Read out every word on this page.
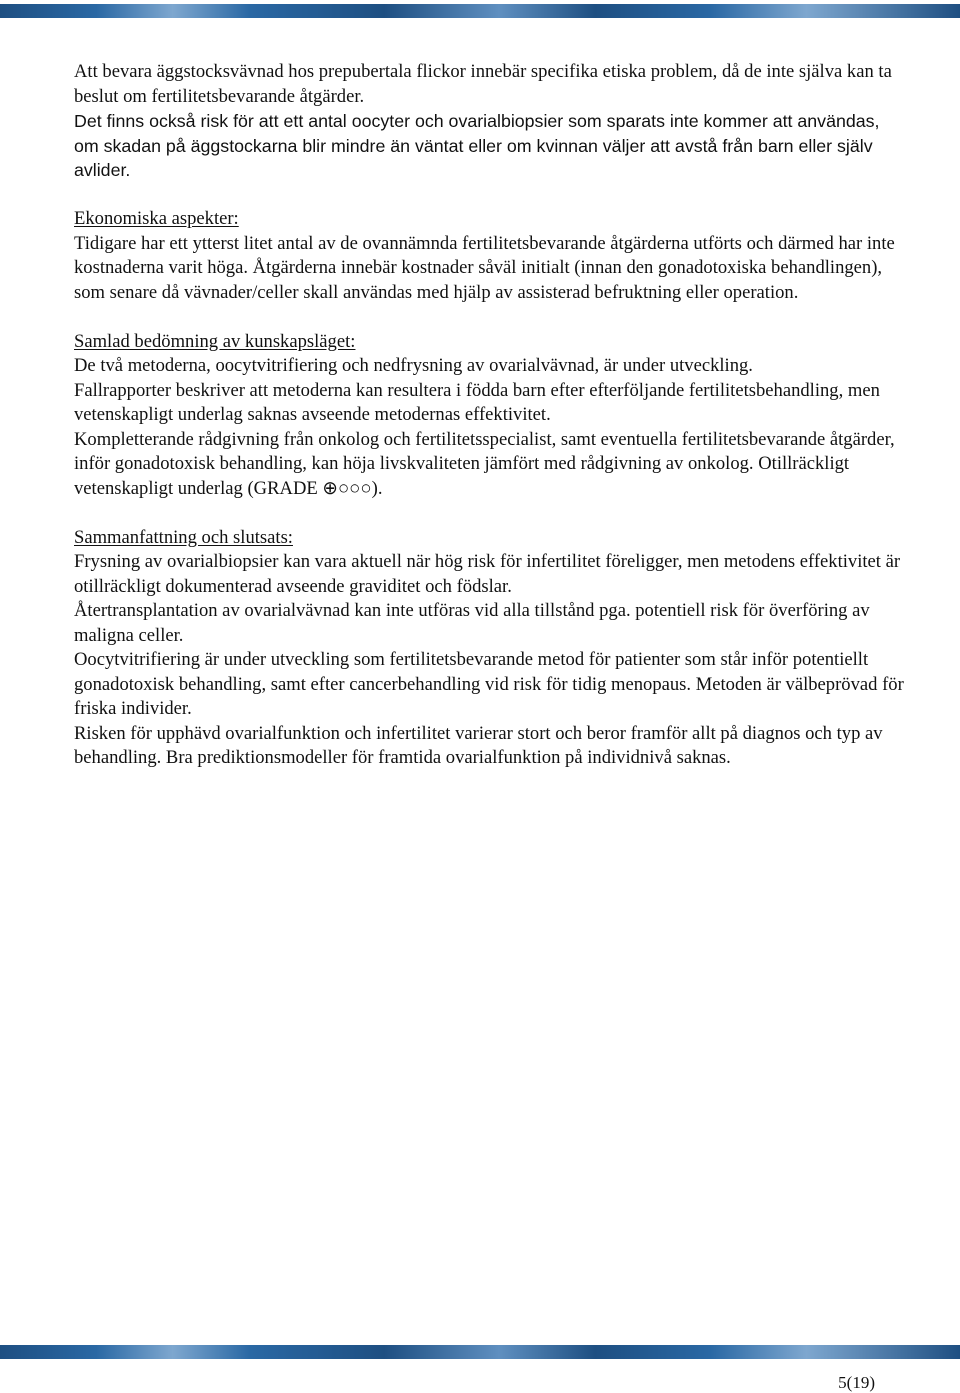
Att bevara äggstocksvävnad hos prepubertala flickor innebär specifika etiska problem, då de inte själva kan ta beslut om fertilitetsbevarande åtgärder.

Det finns också risk för att ett antal oocyter och ovarialbiopsier som sparats inte kommer att användas, om skadan på äggstockarna blir mindre än väntat eller om kvinnan väljer att avstå från barn eller själv avlider.

Ekonomiska aspekter:

Tidigare har ett ytterst litet antal av de ovannämnda fertilitetsbevarande åtgärderna utförts och därmed har inte kostnaderna varit höga. Åtgärderna innebär kostnader såväl initialt (innan den gonadotoxiska behandlingen), som senare då vävnader/celler skall användas med hjälp av assisterad befruktning eller operation.

Samlad bedömning av kunskapsläget:

De två metoderna, oocytvitrifiering och nedfrysning av ovarialvävnad, är under utveckling.

Fallrapporter beskriver att metoderna kan resultera i födda barn efter efterföljande fertilitetsbehandling, men vetenskapligt underlag saknas avseende metodernas effektivitet.

Kompletterande rådgivning från onkolog och fertilitetsspecialist, samt eventuella fertilitetsbevarande åtgärder, inför gonadotoxisk behandling, kan höja livskvaliteten jämfört med rådgivning av onkolog. Otillräckligt vetenskapligt underlag (GRADE ⊕○○○).

Sammanfattning och slutsats:

Frysning av ovarialbiopsier kan vara aktuell när hög risk för infertilitet föreligger, men metodens effektivitet är otillräckligt dokumenterad avseende graviditet och födslar.

Återtransplantation av ovarialvävnad kan inte utföras vid alla tillstånd pga. potentiell risk för överföring av maligna celler.

Oocytvitrifiering är under utveckling som fertilitetsbevarande metod för patienter som står inför potentiellt gonadotoxisk behandling, samt efter cancerbehandling vid risk för tidig menopaus. Metoden är välbeprövad för friska individer.

Risken för upphävd ovarialfunktion och infertilitet varierar stort och beror framför allt på diagnos och typ av behandling. Bra prediktionsmodeller för framtida ovarialfunktion på individnivå saknas.

5(19)
